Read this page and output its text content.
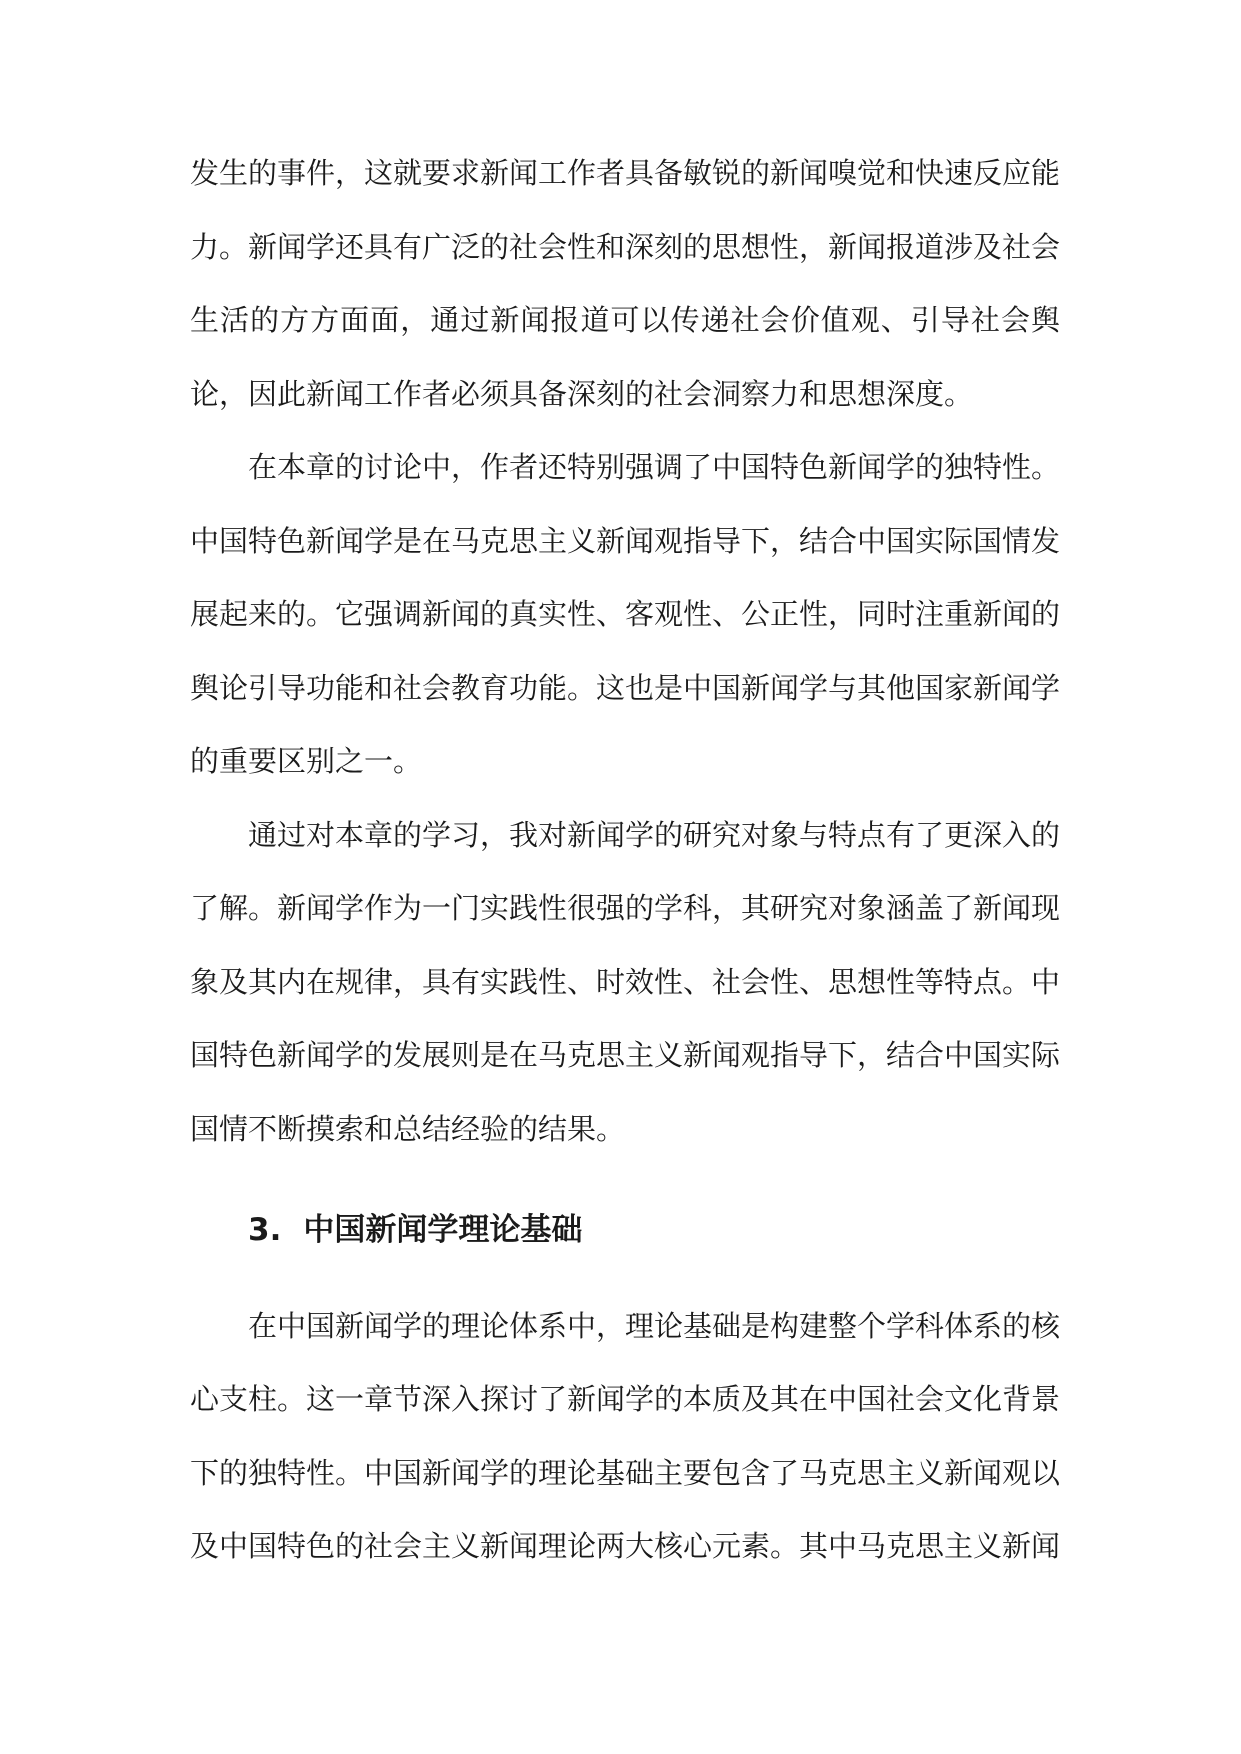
发生的事件，这就要求新闻工作者具备敏锐的新闻嗅觉和快速反应能力。新闻学还具有广泛的社会性和深刻的思想性，新闻报道涉及社会生活的方方面面，通过新闻报道可以传递社会价值观、引导社会舆论，因此新闻工作者必须具备深刻的社会洞察力和思想深度。

在本章的讨论中，作者还特别强调了中国特色新闻学的独特性。中国特色新闻学是在马克思主义新闻观指导下，结合中国实际国情发展起来的。它强调新闻的真实性、客观性、公正性，同时注重新闻的舆论引导功能和社会教育功能。这也是中国新闻学与其他国家新闻学的重要区别之一。

通过对本章的学习，我对新闻学的研究对象与特点有了更深入的了解。新闻学作为一门实践性很强的学科，其研究对象涵盖了新闻现象及其内在规律，具有实践性、时效性、社会性、思想性等特点。中国特色新闻学的发展则是在马克思主义新闻观指导下，结合中国实际国情不断摸索和总结经验的结果。

3. 中国新闻学理论基础

在中国新闻学的理论体系中，理论基础是构建整个学科体系的核心支柱。这一章节深入探讨了新闻学的本质及其在中国社会文化背景下的独特性。中国新闻学的理论基础主要包含了马克思主义新闻观以及中国特色的社会主义新闻理论两大核心元素。其中马克思主义新闻
